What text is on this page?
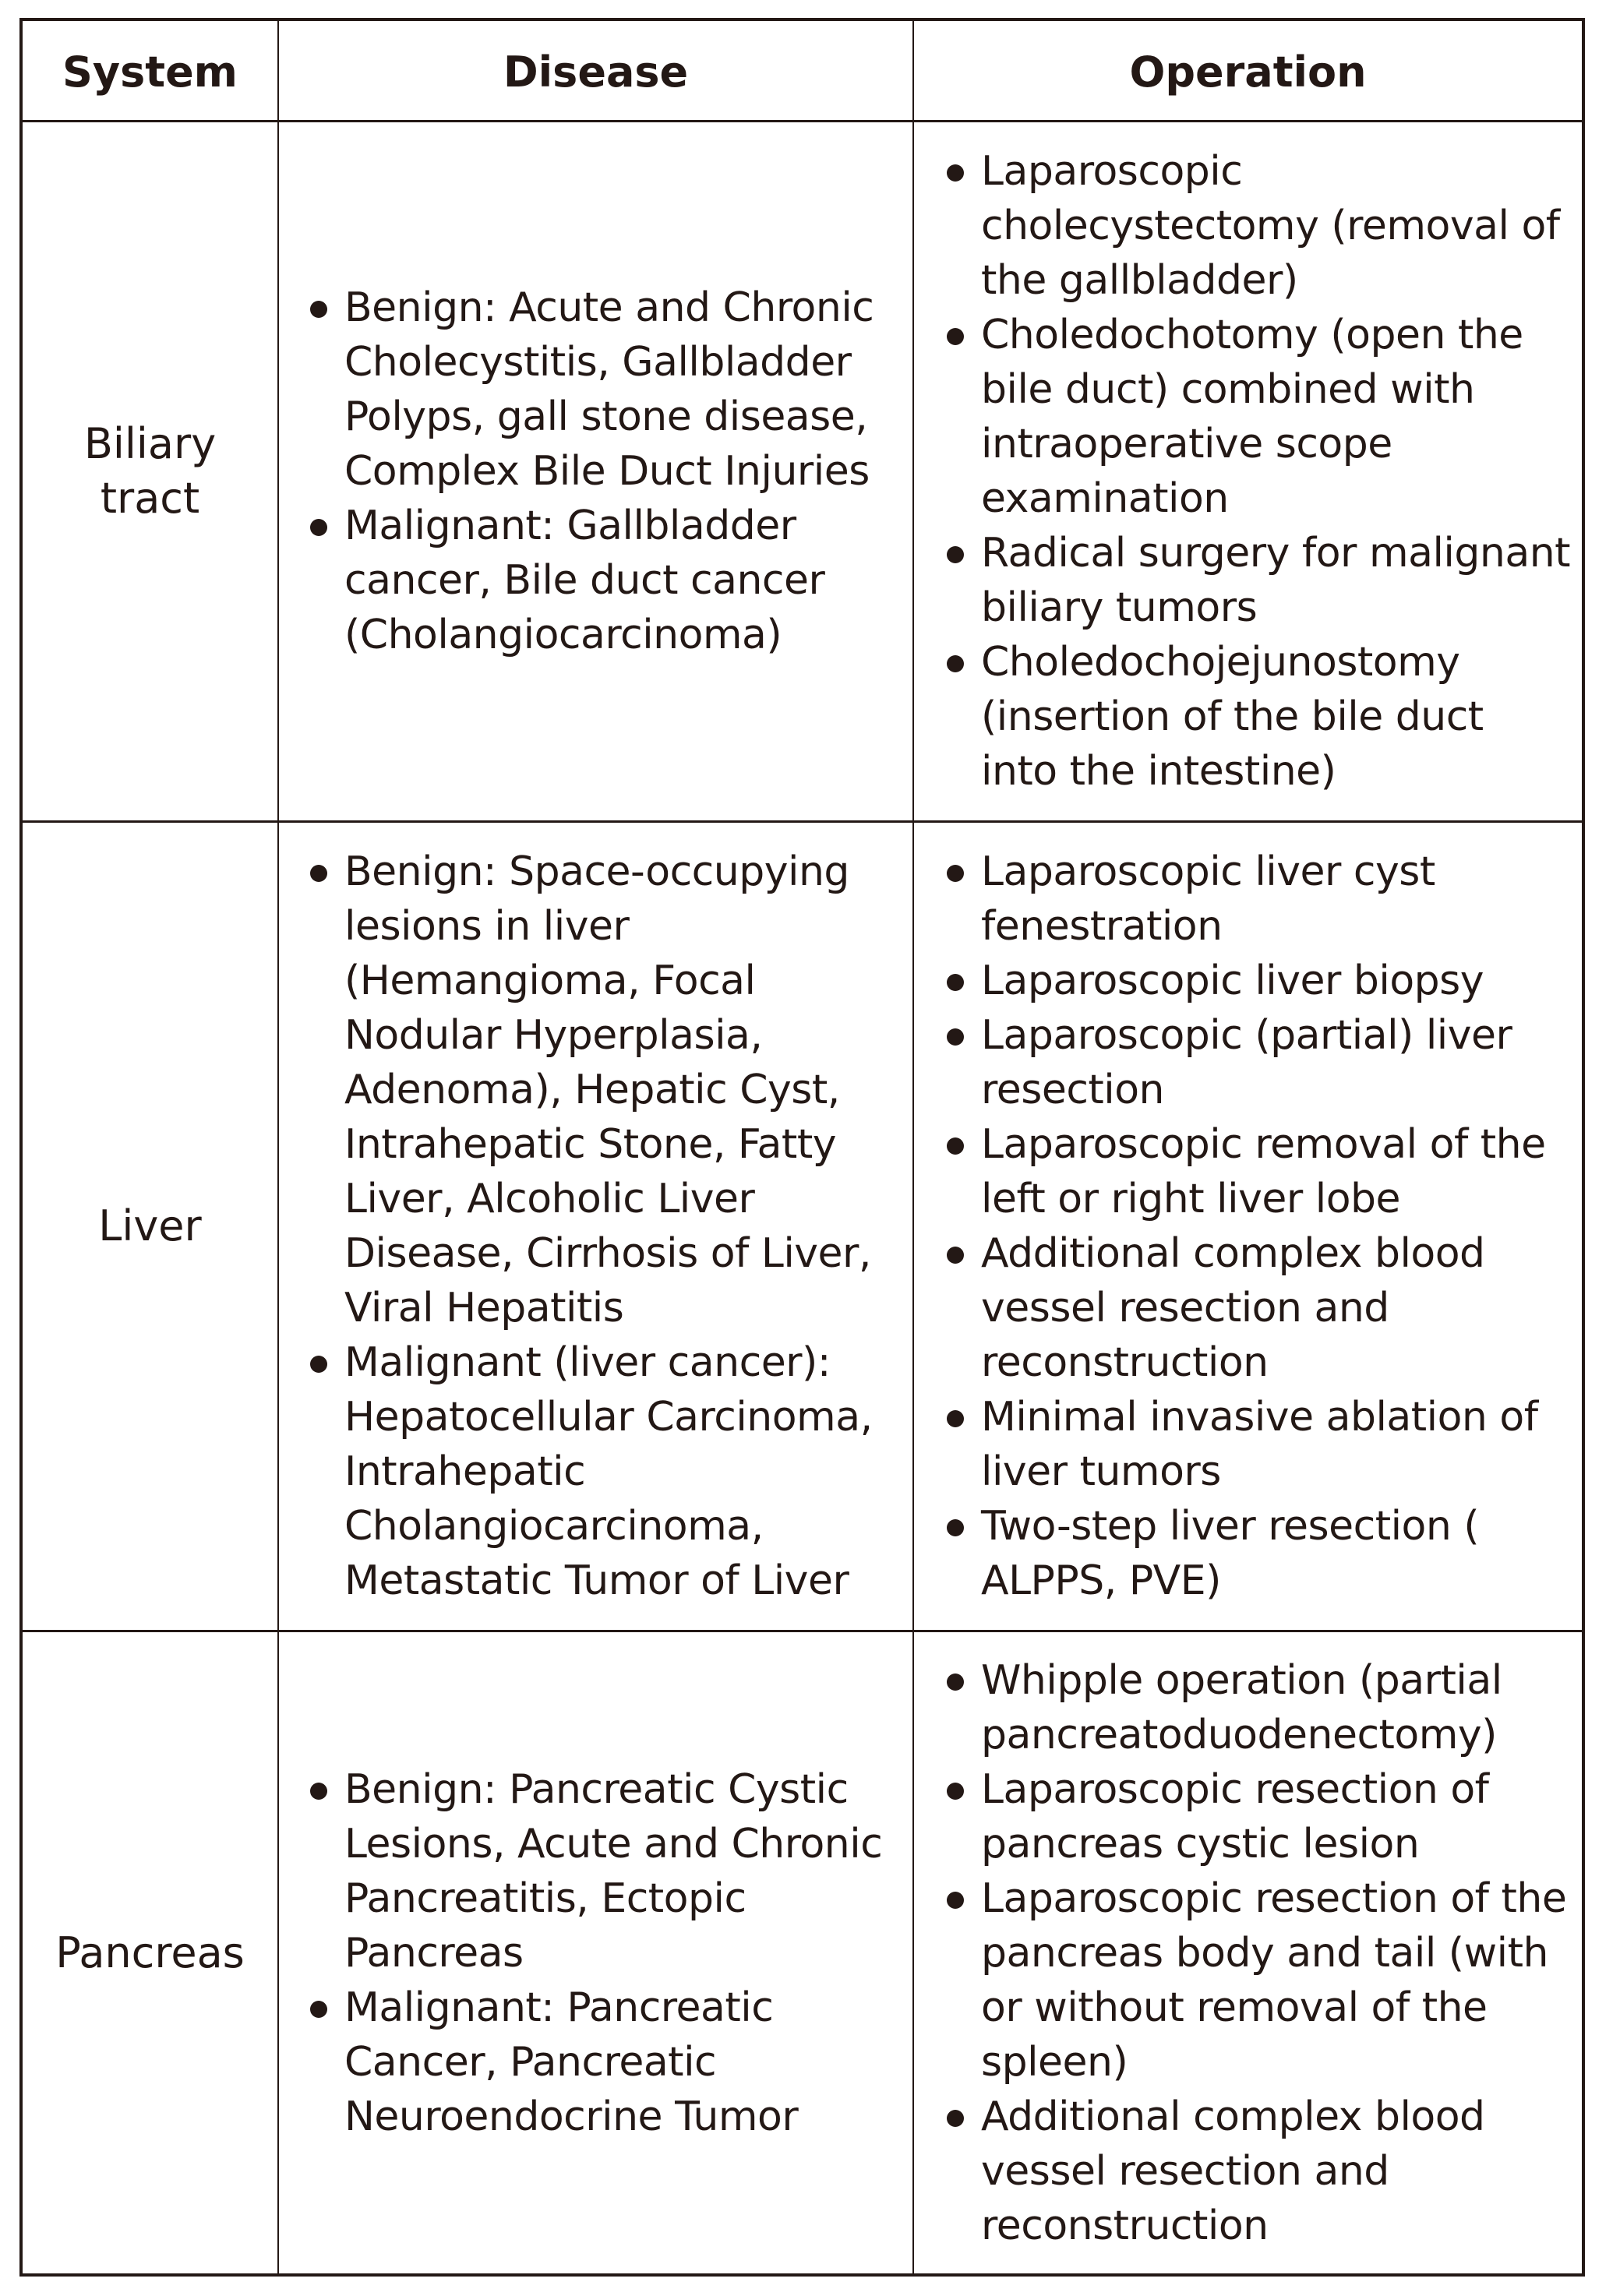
System	Disease	Operation
Biliary tract
Benign: Acute and Chronic Cholecystitis, Gallbladder Polyps, gall stone disease, Complex Bile Duct Injuries
Malignant: Gallbladder cancer, Bile duct cancer (Cholangiocarcinoma)
Laparoscopic cholecystectomy (removal of the gallbladder)
Choledochotomy (open the bile duct) combined with intraoperative scope examination
Radical surgery for malignant biliary tumors
Choledochojejunostomy (insertion of the bile duct into the intestine)
Liver
Benign: Space-occupying lesions in liver (Hemangioma, Focal Nodular Hyperplasia, Adenoma), Hepatic Cyst, Intrahepatic Stone, Fatty Liver, Alcoholic Liver Disease, Cirrhosis of Liver, Viral Hepatitis
Malignant (liver cancer): Hepatocellular Carcinoma, Intrahepatic Cholangiocarcinoma, Metastatic Tumor of Liver
Laparoscopic liver cyst fenestration
Laparoscopic liver biopsy
Laparoscopic (partial) liver resection
Laparoscopic removal of the left or right liver lobe
Additional complex blood vessel resection and reconstruction
Minimal invasive ablation of liver tumors
Two-step liver resection ( ALPPS, PVE)
Pancreas
Benign: Pancreatic Cystic Lesions, Acute and Chronic Pancreatitis, Ectopic Pancreas
Malignant: Pancreatic Cancer, Pancreatic Neuroendocrine Tumor
Whipple operation (partial pancreatoduodenectomy)
Laparoscopic resection of pancreas cystic lesion
Laparoscopic resection of the pancreas body and tail (with or without removal of the spleen)
Additional complex blood vessel resection and reconstruction
